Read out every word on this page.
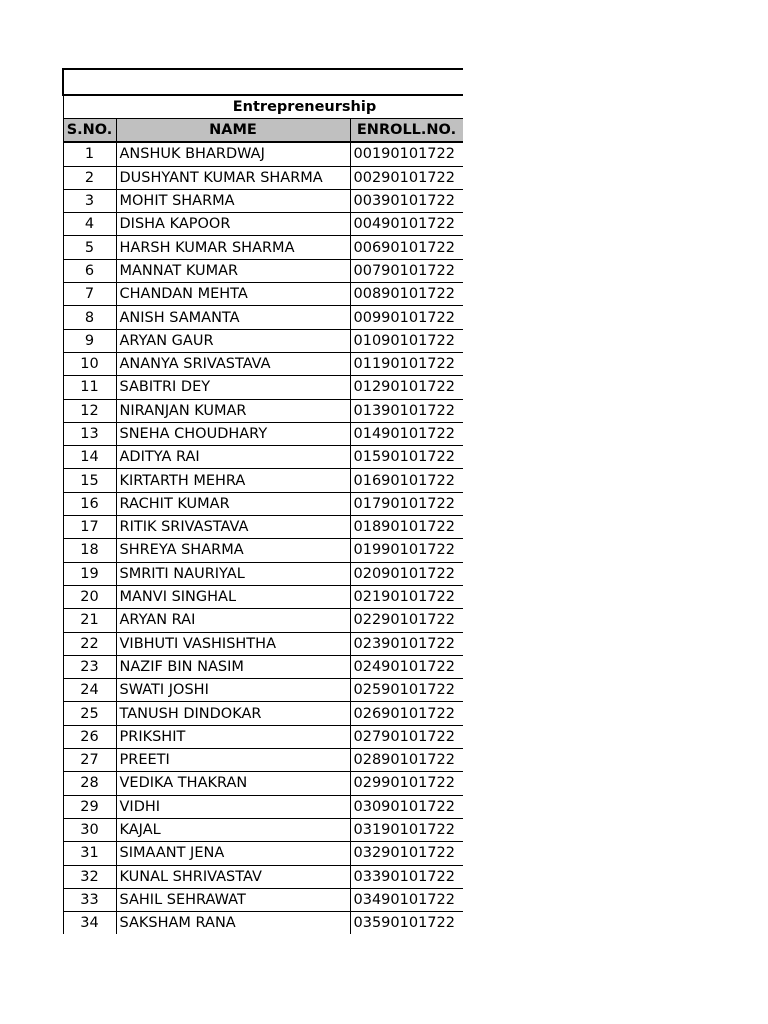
Entrepreneurship			
S.NO.	NAME	ENROLL.NO.	
1	ANSHUK BHARDWAJ	00190101722	
2	DUSHYANT KUMAR SHARMA	00290101722	
3	MOHIT SHARMA	00390101722	
4	DISHA KAPOOR	00490101722	
5	HARSH KUMAR SHARMA	00690101722	
6	MANNAT KUMAR	00790101722	
7	CHANDAN MEHTA	00890101722	
8	ANISH SAMANTA	00990101722	
9	ARYAN GAUR	01090101722	
10	ANANYA SRIVASTAVA	01190101722	
11	SABITRI DEY	01290101722	
12	NIRANJAN KUMAR	01390101722	
13	SNEHA CHOUDHARY	01490101722	
14	ADITYA RAI	01590101722	
15	KIRTARTH MEHRA	01690101722	
16	RACHIT KUMAR	01790101722	
17	RITIK SRIVASTAVA	01890101722	
18	SHREYA SHARMA	01990101722	
19	SMRITI NAURIYAL	02090101722	
20	MANVI SINGHAL	02190101722	
21	ARYAN RAI	02290101722	
22	VIBHUTI VASHISHTHA	02390101722	
23	NAZIF BIN NASIM	02490101722	
24	SWATI JOSHI	02590101722	
25	TANUSH DINDOKAR	02690101722	
26	PRIKSHIT	02790101722	
27	PREETI	02890101722	
28	VEDIKA THAKRAN	02990101722	
29	VIDHI	03090101722	
30	KAJAL	03190101722	
31	SIMAANT JENA	03290101722	
32	KUNAL SHRIVASTAV	03390101722	
33	SAHIL SEHRAWAT	03490101722	
34	SAKSHAM RANA	03590101722	
